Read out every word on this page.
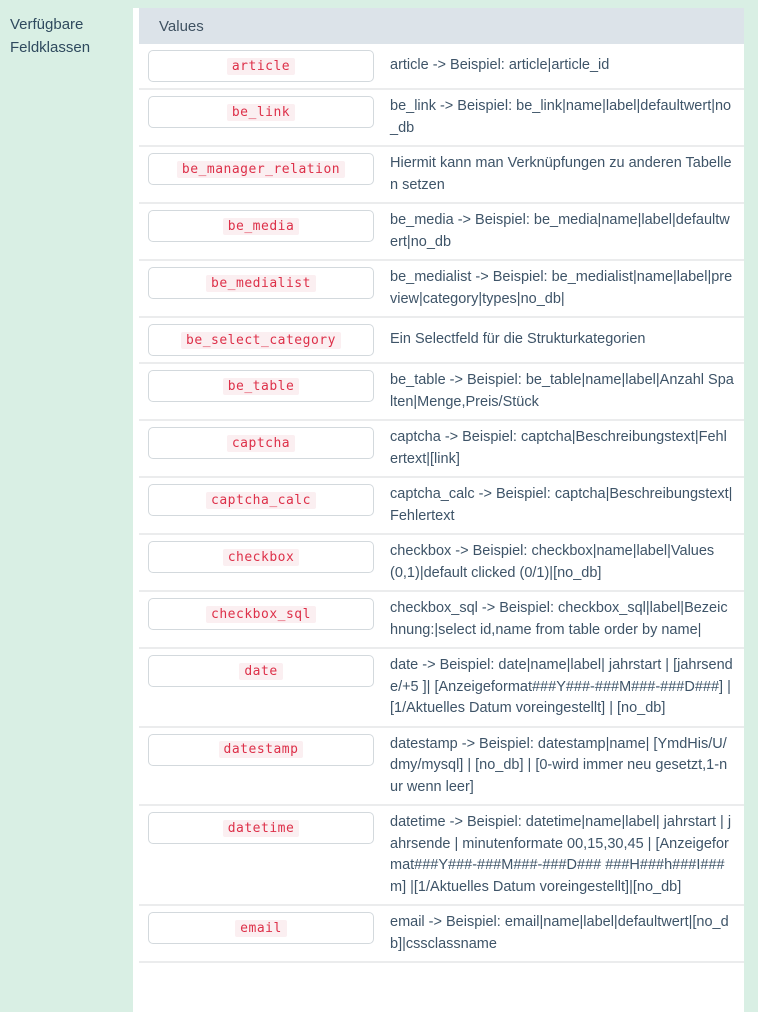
Verfügbare Feldklassen
Values
article	article -> Beispiel: article|article_id
be_link	be_link -> Beispiel: be_link|name|label|defaultwert|no_db
be_manager_relation	Hiermit kann man Verknüpfungen zu anderen Tabellen setzen
be_media	be_media -> Beispiel: be_media|name|label|defaultwert|no_db
be_medialist	be_medialist -> Beispiel: be_medialist|name|label|preview|category|types|no_db|
be_select_category	Ein Selectfeld für die Strukturkategorien
be_table	be_table -> Beispiel: be_table|name|label|Anzahl Spalten|Menge,Preis/Stück
captcha	captcha -> Beispiel: captcha|Beschreibungstext|Fehlertext|[link]
captcha_calc	captcha_calc -> Beispiel: captcha|Beschreibungstext|Fehlertext
checkbox	checkbox -> Beispiel: checkbox|name|label|Values (0,1)|default clicked (0/1)|[no_db]
checkbox_sql	checkbox_sql -> Beispiel: checkbox_sql|label|Bezeichnung:|select id,name from table order by name|
date	date -> Beispiel: date|name|label| jahrstart | [jahrsende/+5 ]| [Anzeigeformat###Y###-###M###-###D###] | [1/Aktuelles Datum voreingestellt] | [no_db]
datestamp	datestamp -> Beispiel: datestamp|name| [YmdHis/U/dmy/mysql] | [no_db] | [0-wird immer neu gesetzt,1-nur wenn leer]
datetime	datetime -> Beispiel: datetime|name|label| jahrstart | jahrsende | minutenformate 00,15,30,45 | [Anzeigeformat###Y###-###M###-###D### ###H###h###I###m] |[1/Aktuelles Datum voreingestellt]|[no_db]
email	email -> Beispiel: email|name|label|defaultwert|[no_db]|cssclassname
